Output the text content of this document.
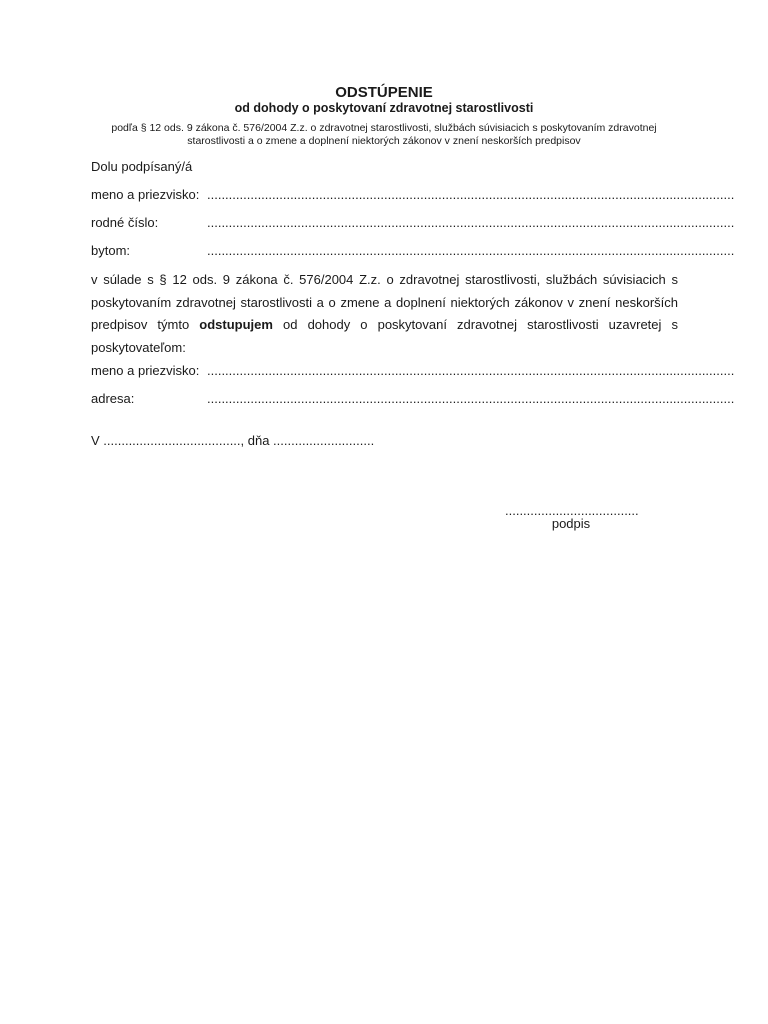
ODSTÚPENIE
od dohody o poskytovaní zdravotnej starostlivosti
podľa § 12 ods. 9 zákona č. 576/2004 Z.z. o zdravotnej starostlivosti, službách súvisiacich s poskytovaním zdravotnej starostlivosti a o zmene a doplnení niektorých zákonov v znení neskorších predpisov
Dolu podpísaný/á
meno a priezvisko: ..................................................................................................................................................
rodné číslo:	..................................................................................................................................................
bytom:	..................................................................................................................................................
v súlade s § 12 ods. 9 zákona č. 576/2004 Z.z. o zdravotnej starostlivosti, službách súvisiacich s poskytovaním zdravotnej starostlivosti a o zmene a doplnení niektorých zákonov v znení neskorších predpisov týmto odstupujem od dohody o poskytovaní zdravotnej starostlivosti uzavretej s poskytovateľom:
meno a priezvisko: ..................................................................................................................................................
adresa:	..................................................................................................................................................
V ......................................, dňa ............................
.....................................
podpis
